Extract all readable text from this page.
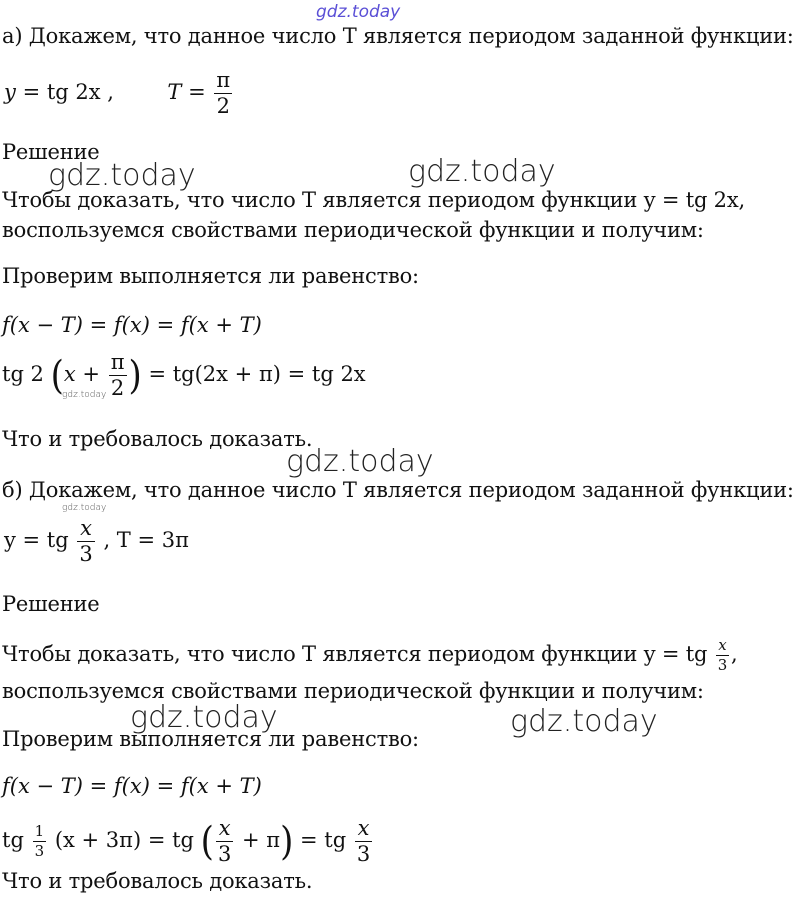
gdz.today
gdz.today	gdz.today
gdz.today
gdz.today
gdz.today
gdz.today	gdz.today
а) Докажем, что данное число T является периодом заданной функции:
y = tg 2x ,	$T = \frac{\pi}{2}$
Решение
Чтобы доказать, что число T является периодом функции y = tg 2x,
воспользуемся свойствами периодической функции и получим:
Проверим выполняется ли равенство:
f(x − T) = f(x) = f(x + T)
tg 2 ($x + \frac{\pi}{2}$ ) = tg(2x + π) = tg 2x
Что и требовалось доказать.
б) Докажем, что данное число T является периодом заданной функции:
y = tg $\frac{x}{3}$ , T = 3π
Решение
Чтобы доказать, что число T является периодом функции y = tg $\frac{x}{3}$ ,
воспользуемся свойствами периодической функции и получим:
Проверим выполняется ли равенство:
f(x − T) = f(x) = f(x + T)
tg $\frac{1}{3} (x + 3\pi)$ = tg ( $\frac{x}{3} + \pi$) = tg $\frac{x}{3}$
Что и требовалось доказать.
